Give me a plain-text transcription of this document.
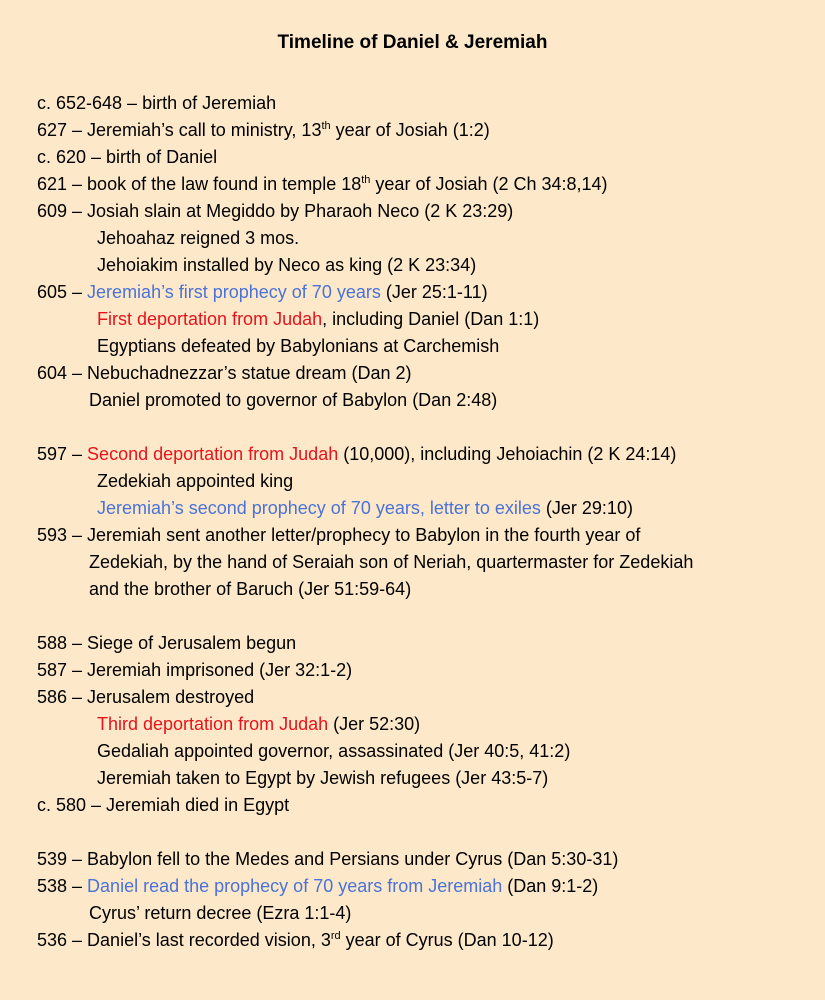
Timeline of Daniel & Jeremiah
c. 652-648 – birth of Jeremiah
627 – Jeremiah’s call to ministry, 13th year of Josiah (1:2)
c. 620 – birth of Daniel
621 – book of the law found in temple 18th year of Josiah (2 Ch 34:8,14)
609 – Josiah slain at Megiddo by Pharaoh Neco (2 K 23:29)
Jehoahaz reigned 3 mos.
Jehoiakim installed by Neco as king (2 K 23:34)
605 – Jeremiah’s first prophecy of 70 years (Jer 25:1-11)
First deportation from Judah, including Daniel (Dan 1:1)
Egyptians defeated by Babylonians at Carchemish
604 – Nebuchadnezzar’s statue dream (Dan 2)
Daniel promoted to governor of Babylon (Dan 2:48)
597 – Second deportation from Judah (10,000), including Jehoiachin (2 K 24:14)
Zedekiah appointed king
Jeremiah’s second prophecy of 70 years, letter to exiles (Jer 29:10)
593 – Jeremiah sent another letter/prophecy to Babylon in the fourth year of
Zedekiah, by the hand of Seraiah son of Neriah, quartermaster for Zedekiah
and the brother of Baruch (Jer 51:59-64)
588 – Siege of Jerusalem begun
587 – Jeremiah imprisoned (Jer 32:1-2)
586 – Jerusalem destroyed
Third deportation from Judah (Jer 52:30)
Gedaliah appointed governor, assassinated (Jer 40:5, 41:2)
Jeremiah taken to Egypt by Jewish refugees (Jer 43:5-7)
c. 580 – Jeremiah died in Egypt
539 – Babylon fell to the Medes and Persians under Cyrus (Dan 5:30-31)
538 – Daniel read the prophecy of 70 years from Jeremiah (Dan 9:1-2)
Cyrus’ return decree (Ezra 1:1-4)
536 – Daniel’s last recorded vision, 3rd year of Cyrus (Dan 10-12)
